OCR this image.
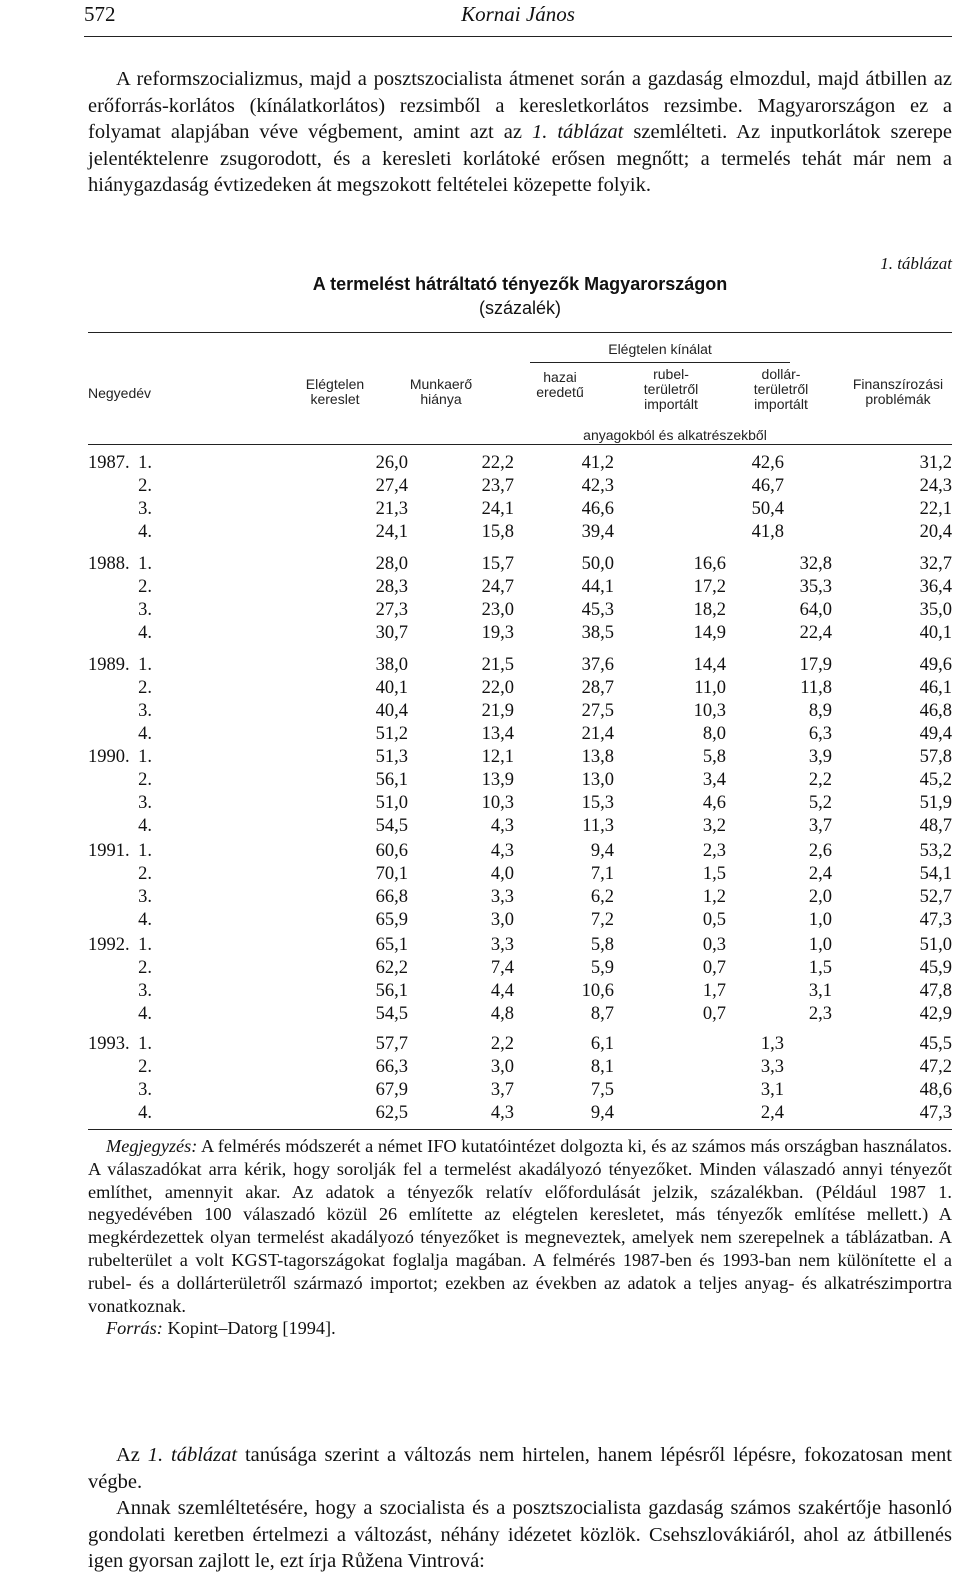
572	Kornai János

A reformszocializmus, majd a posztszocialista átmenet során a gazdaság elmozdul, majd átbillen az erőforrás-korlátos (kínálatkorlátos) rezsimből a keresletkorlátos rezsimbe. Magyarországon ez a folyamat alapjában véve végbement, amint azt az 1. táblázat szemlélteti. Az inputkorlátok szerepe jelentéktelenre zsugorodott, és a keresleti korlátoké erősen megnőtt; a termelés tehát már nem a hiánygazdaság évtizedeken át megszokott feltételei közepette folyik.

1. táblázat
A termelést hátráltató tényezők Magyarországon
(százalék)
Negyedév
Elégtelen
kereslet
Munkaerő
hiánya
Elégtelen kínálat
hazai
eredetű
rubel-
területről
importált
dollár-
területről
importált
Finanszírozási
problémák
anyagokból és alkatrészekből
1987. 1.	26,0	22,2	41,2	42,6	31,2
2.	27,4	23,7	42,3	46,7	24,3
3.	21,3	24,1	46,6	50,4	22,1
4.	24,1	15,8	39,4	41,8	20,4
1988. 1.	28,0	15,7	50,0	16,6	32,8	32,7
2.	28,3	24,7	44,1	17,2	35,3	36,4
3.	27,3	23,0	45,3	18,2	64,0	35,0
4.	30,7	19,3	38,5	14,9	22,4	40,1
1989. 1.	38,0	21,5	37,6	14,4	17,9	49,6
2.	40,1	22,0	28,7	11,0	11,8	46,1
3.	40,4	21,9	27,5	10,3	8,9	46,8
4.	51,2	13,4	21,4	8,0	6,3	49,4
1990. 1.	51,3	12,1	13,8	5,8	3,9	57,8
2.	56,1	13,9	13,0	3,4	2,2	45,2
3.	51,0	10,3	15,3	4,6	5,2	51,9
4.	54,5	4,3	11,3	3,2	3,7	48,7
1991. 1.	60,6	4,3	9,4	2,3	2,6	53,2
2.	70,1	4,0	7,1	1,5	2,4	54,1
3.	66,8	3,3	6,2	1,2	2,0	52,7
4.	65,9	3,0	7,2	0,5	1,0	47,3
1992. 1.	65,1	3,3	5,8	0,3	1,0	51,0
2.	62,2	7,4	5,9	0,7	1,5	45,9
3.	56,1	4,4	10,6	1,7	3,1	47,8
4.	54,5	4,8	8,7	0,7	2,3	42,9
1993. 1.	57,7	2,2	6,1	1,3	45,5
2.	66,3	3,0	8,1	3,3	47,2
3.	67,9	3,7	7,5	3,1	48,6
4.	62,5	4,3	9,4	2,4	47,3

Megjegyzés: A felmérés módszerét a német IFO kutatóintézet dolgozta ki, és az számos más országban használatos. A válaszadókat arra kérik, hogy sorolják fel a termelést akadályozó tényezőket. Minden válaszadó annyi tényezőt említhet, amennyit akar. Az adatok a tényezők relatív előfordulását jelzik, százalékban. (Például 1987 1. negyedévében 100 válaszadó közül 26 említette az elégtelen keresletet, más tényezők említése mellett.) A megkérdezettek olyan termelést akadályozó tényezőket is megneveztek, amelyek nem szerepelnek a táblázatban. A rubelterület a volt KGST-tagországokat foglalja magában. A felmérés 1987-ben és 1993-ban nem különítette el a rubel- és a dollárterületről származó importot; ezekben az években az adatok a teljes anyag- és alkatrészimportra vonatkoznak.
Forrás: Kopint–Datorg [1994].

Az 1. táblázat tanúsága szerint a változás nem hirtelen, hanem lépésről lépésre, fokozatosan ment végbe.

Annak szemléltetésére, hogy a szocialista és a posztszocialista gazdaság számos szakértője hasonló gondolati keretben értelmezi a változást, néhány idézetet közlök. Csehszlovákiáról, ahol az átbillenés igen gyorsan zajlott le, ezt írja Růžena Vintrová:
